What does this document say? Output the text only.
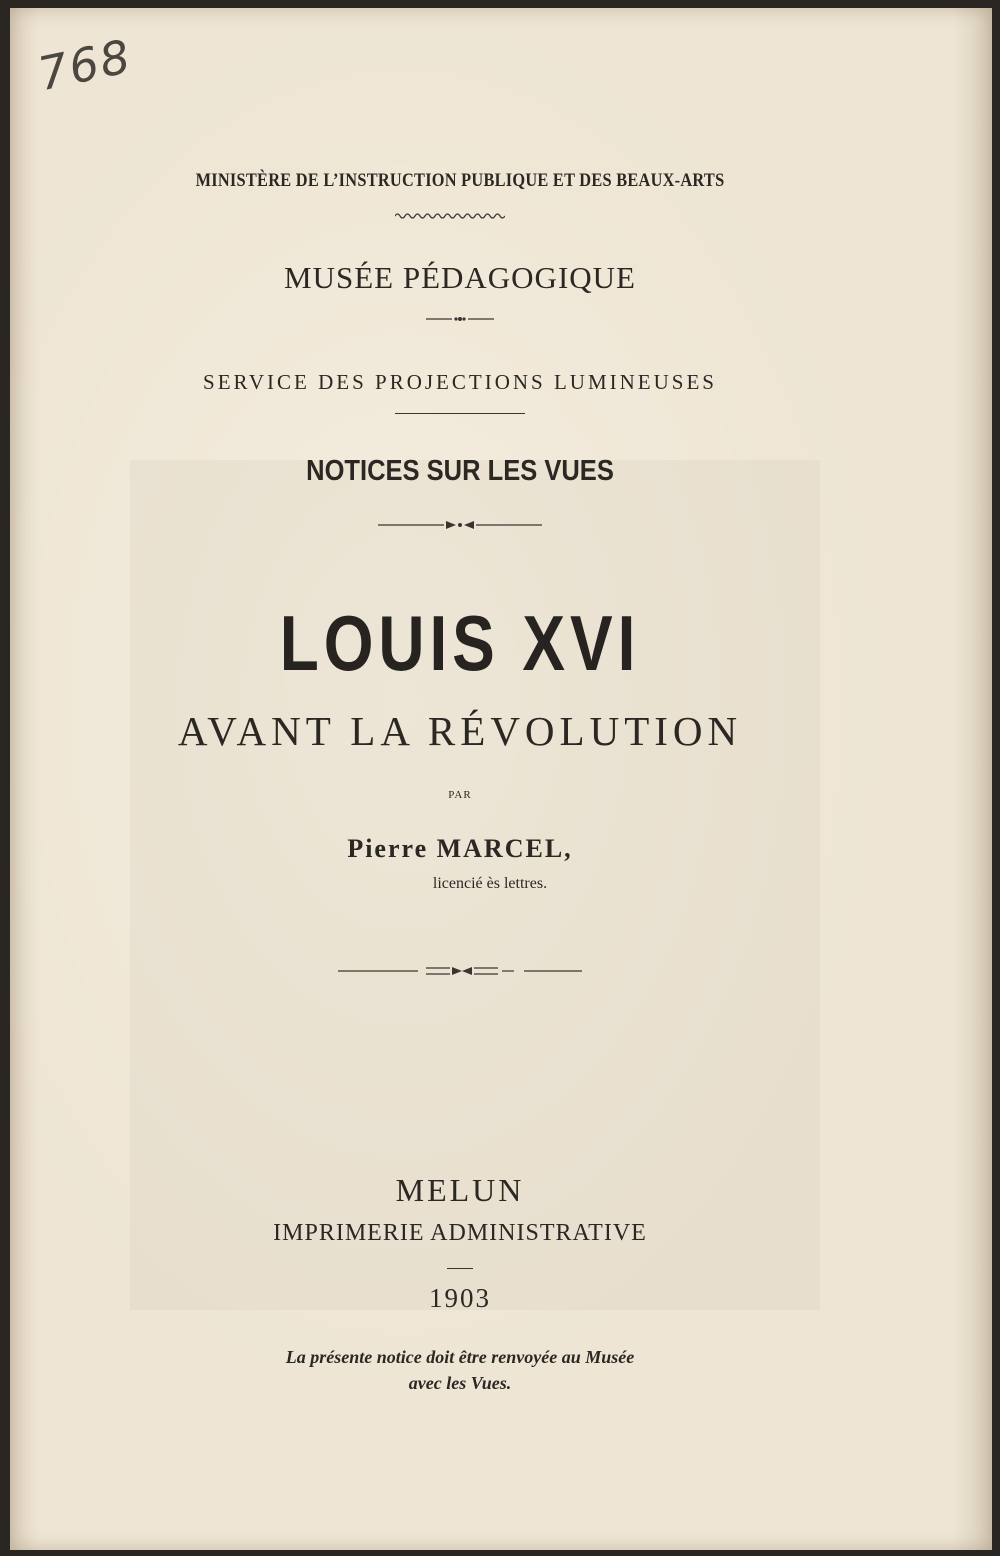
768
MINISTÈRE DE L’INSTRUCTION PUBLIQUE ET DES BEAUX-ARTS
MUSÉE PÉDAGOGIQUE
SERVICE DES PROJECTIONS LUMINEUSES
NOTICES SUR LES VUES
LOUIS XVI
AVANT LA RÉVOLUTION
PAR
Pierre MARCEL,
licencié ès lettres.
MELUN
IMPRIMERIE ADMINISTRATIVE
1903
La présente notice doit être renvoyée au Musée
avec les Vues.
